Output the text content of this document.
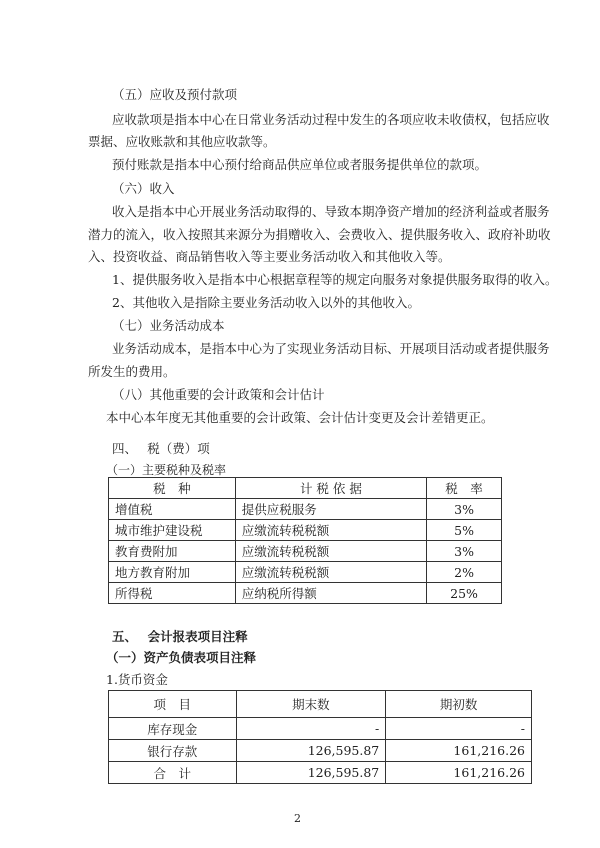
（五）应收及预付款项
应收款项是指本中心在日常业务活动过程中发生的各项应收未收债权，包括应收
票据、应收账款和其他应收款等。
预付账款是指本中心预付给商品供应单位或者服务提供单位的款项。
（六）收入
收入是指本中心开展业务活动取得的、导致本期净资产增加的经济利益或者服务
潜力的流入，收入按照其来源分为捐赠收入、会费收入、提供服务收入、政府补助收
入、投资收益、商品销售收入等主要业务活动收入和其他收入等。
1、提供服务收入是指本中心根据章程等的规定向服务对象提供服务取得的收入。
2、其他收入是指除主要业务活动收入以外的其他收入。
（七）业务活动成本
业务活动成本，是指本中心为了实现业务活动目标、开展项目活动或者提供服务
所发生的费用。
（八）其他重要的会计政策和会计估计
本中心本年度无其他重要的会计政策、会计估计变更及会计差错更正。
四、　 税（费）项
（一）主要税种及税率
税　种	计 税 依 据	税　率
增值税	提供应税服务	3%
城市维护建设税	应缴流转税税额	5%
教育费附加	应缴流转税税额	3%
地方教育附加	应缴流转税税额	2%
所得税	应纳税所得额	25%
五、　 会计报表项目注释
（一）资产负债表项目注释
1.货币资金
项　目	期末数	期初数
库存现金	-	-
银行存款	126,595.87	161,216.26
合　计	126,595.87	161,216.26
2
